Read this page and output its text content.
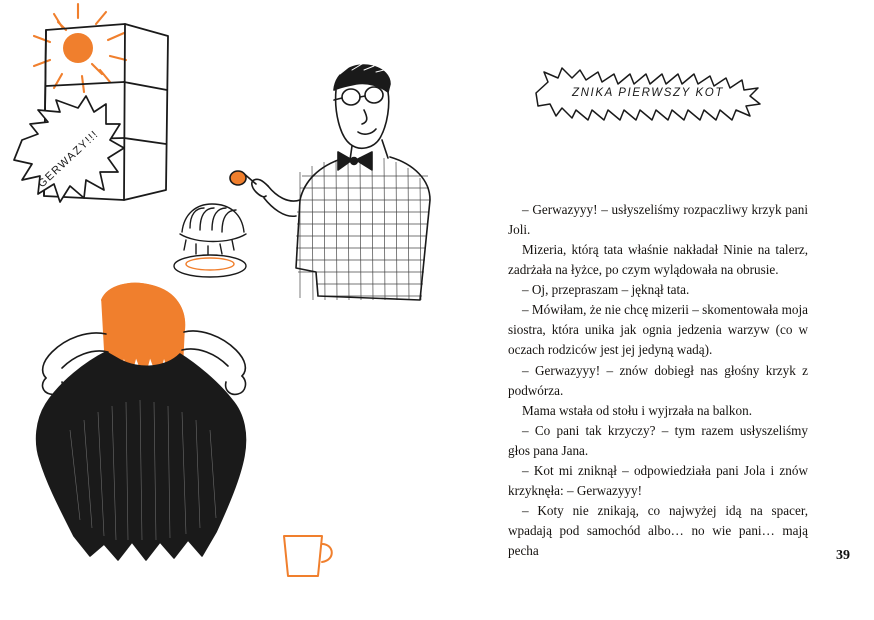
GERWAZY!!!
ZNIKA PIERWSZY KOT

– Gerwazyyy! – usłyszeliśmy rozpaczliwy krzyk pani Joli.

Mizeria, którą tata właśnie nakładał Ninie na talerz, zadrżała na łyżce, po czym wylądowała na obrusie.

– Oj, przepraszam – jęknął tata.

– Mówiłam, że nie chcę mizerii – skomentowała moja siostra, która unika jak ognia jedzenia warzyw (co w oczach rodziców jest jej jedyną wadą).

– Gerwazyyy! – znów dobiegł nas głośny krzyk z podwórza.

Mama wstała od stołu i wyjrzała na balkon.

– Co pani tak krzyczy? – tym razem usłyszeliśmy głos pana Jana.

– Kot mi zniknął – odpowiedziała pani Jola i znów krzyknęła: – Gerwazyyy!

– Koty nie znikają, co najwyżej idą na spacer, wpadają pod samochód albo… no wie pani… mają pecha	39
